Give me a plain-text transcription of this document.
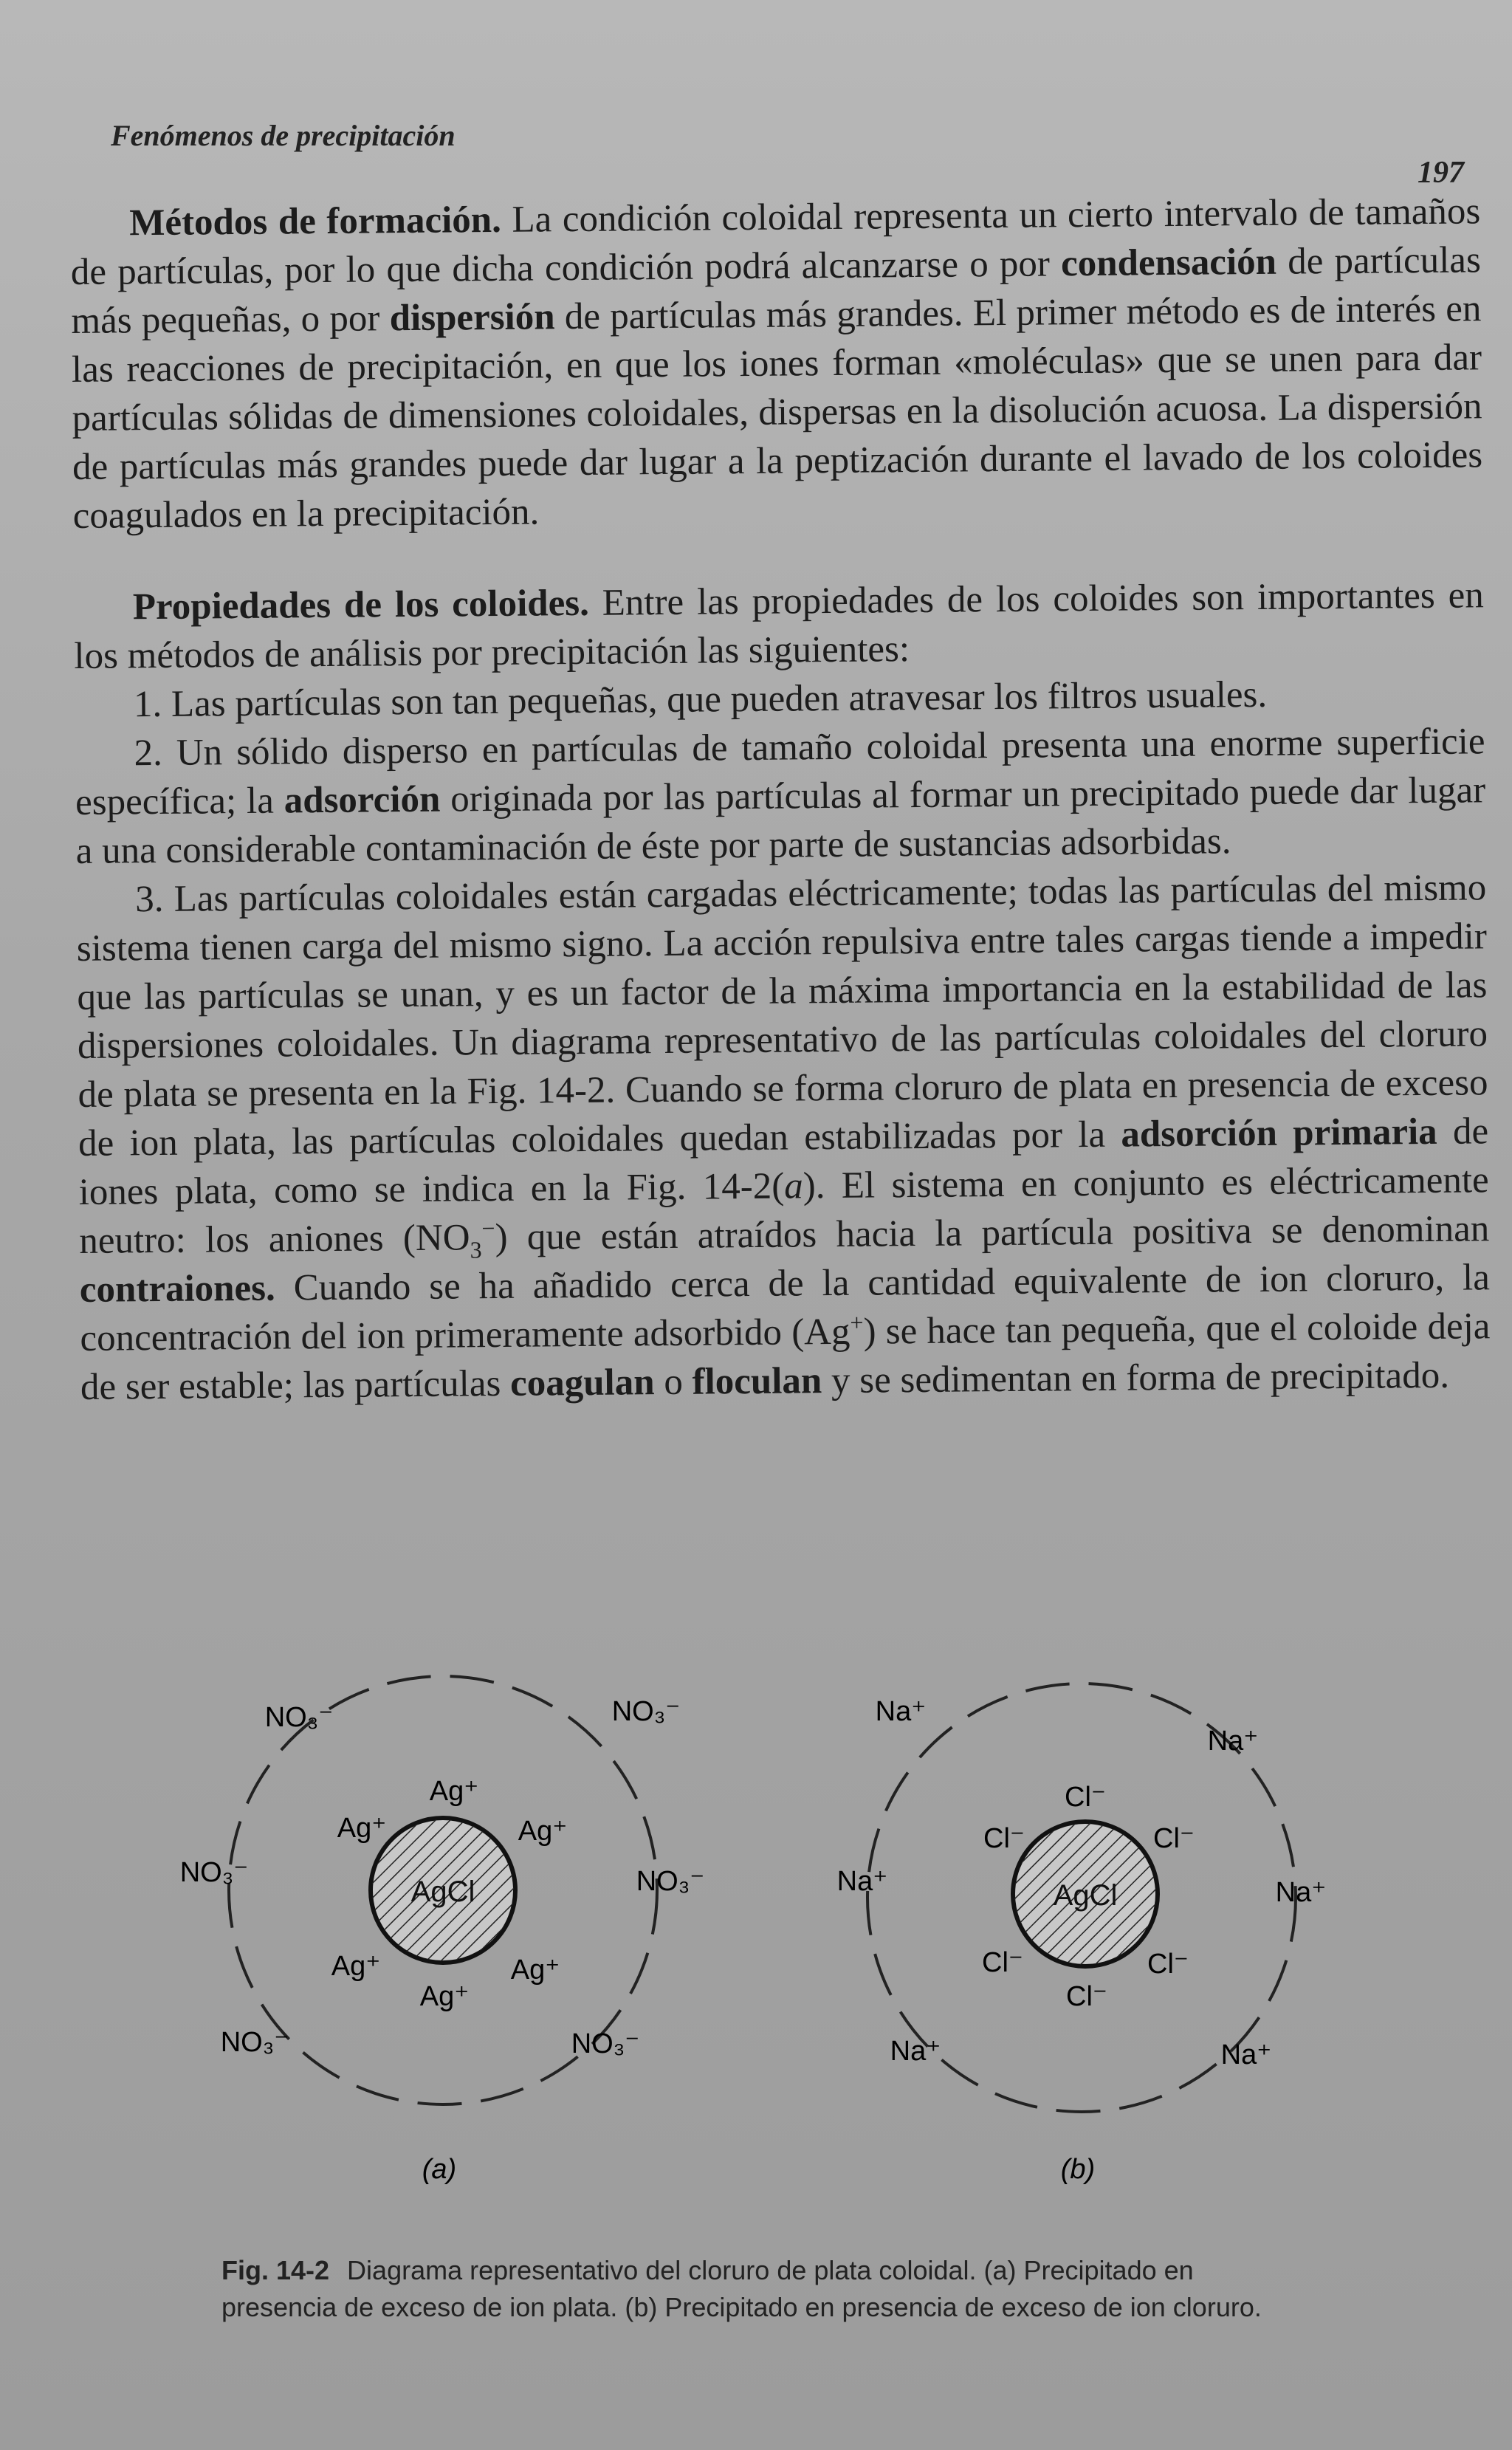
Fenómenos de precipitación
197

Métodos de formación. La condición coloidal representa un cierto intervalo de tamaños de partículas, por lo que dicha condición podrá alcanzarse o por condensación de partículas más pequeñas, o por dispersión de partículas más grandes. El primer método es de interés en las reacciones de precipitación, en que los iones forman «moléculas» que se unen para dar partículas sólidas de dimensiones coloidales, dispersas en la disolución acuosa. La dispersión de partículas más grandes puede dar lugar a la peptización durante el lavado de los coloides coagulados en la precipitación.

Propiedades de los coloides. Entre las propiedades de los coloides son importantes en los métodos de análisis por precipitación las siguientes:

1. Las partículas son tan pequeñas, que pueden atravesar los filtros usuales.

2. Un sólido disperso en partículas de tamaño coloidal presenta una enorme superficie específica; la adsorción originada por las partículas al formar un precipitado puede dar lugar a una considerable contaminación de éste por parte de sustancias adsorbidas.

3. Las partículas coloidales están cargadas eléctricamente; todas las partículas del mismo sistema tienen carga del mismo signo. La acción repulsiva entre tales cargas tiende a impedir que las partículas se unan, y es un factor de la máxima importancia en la estabilidad de las dispersiones coloidales. Un diagrama representativo de las partículas coloidales del cloruro de plata se presenta en la Fig. 14-2. Cuando se forma cloruro de plata en presencia de exceso de ion plata, las partículas coloidales quedan estabilizadas por la adsorción primaria de iones plata, como se indica en la Fig. 14-2(a). El sistema en conjunto es eléctricamente neutro: los aniones $(NO_3^-)$ que están atraídos hacia la partícula positiva se denominan contraiones. Cuando se ha añadido cerca de la cantidad equivalente de ion cloruro, la concentración del ion primeramente adsorbido (Ag+) se hace tan pequeña, que el coloide deja de ser estable; las partículas coagulan o floculan y se sedimentan en forma de precipitado.

AgCl
Ag⁺
Ag⁺	Ag⁺
Ag⁺	Ag⁺
Ag⁺
NO₃⁻	NO₃⁻
NO₃⁻	NO₃⁻
NO₃⁻	NO₃⁻
(a)
AgCl
Cl⁻
Cl⁻	Cl⁻
Cl⁻	Cl⁻
Cl⁻
Na⁺
Na⁺
Na⁺	Na⁺
Na⁺	Na⁺
(b)
Fig. 14-2 Diagrama representativo del cloruro de plata coloidal. (a) Precipitado en presencia de exceso de ion plata. (b) Precipitado en presencia de exceso de ion cloruro.
